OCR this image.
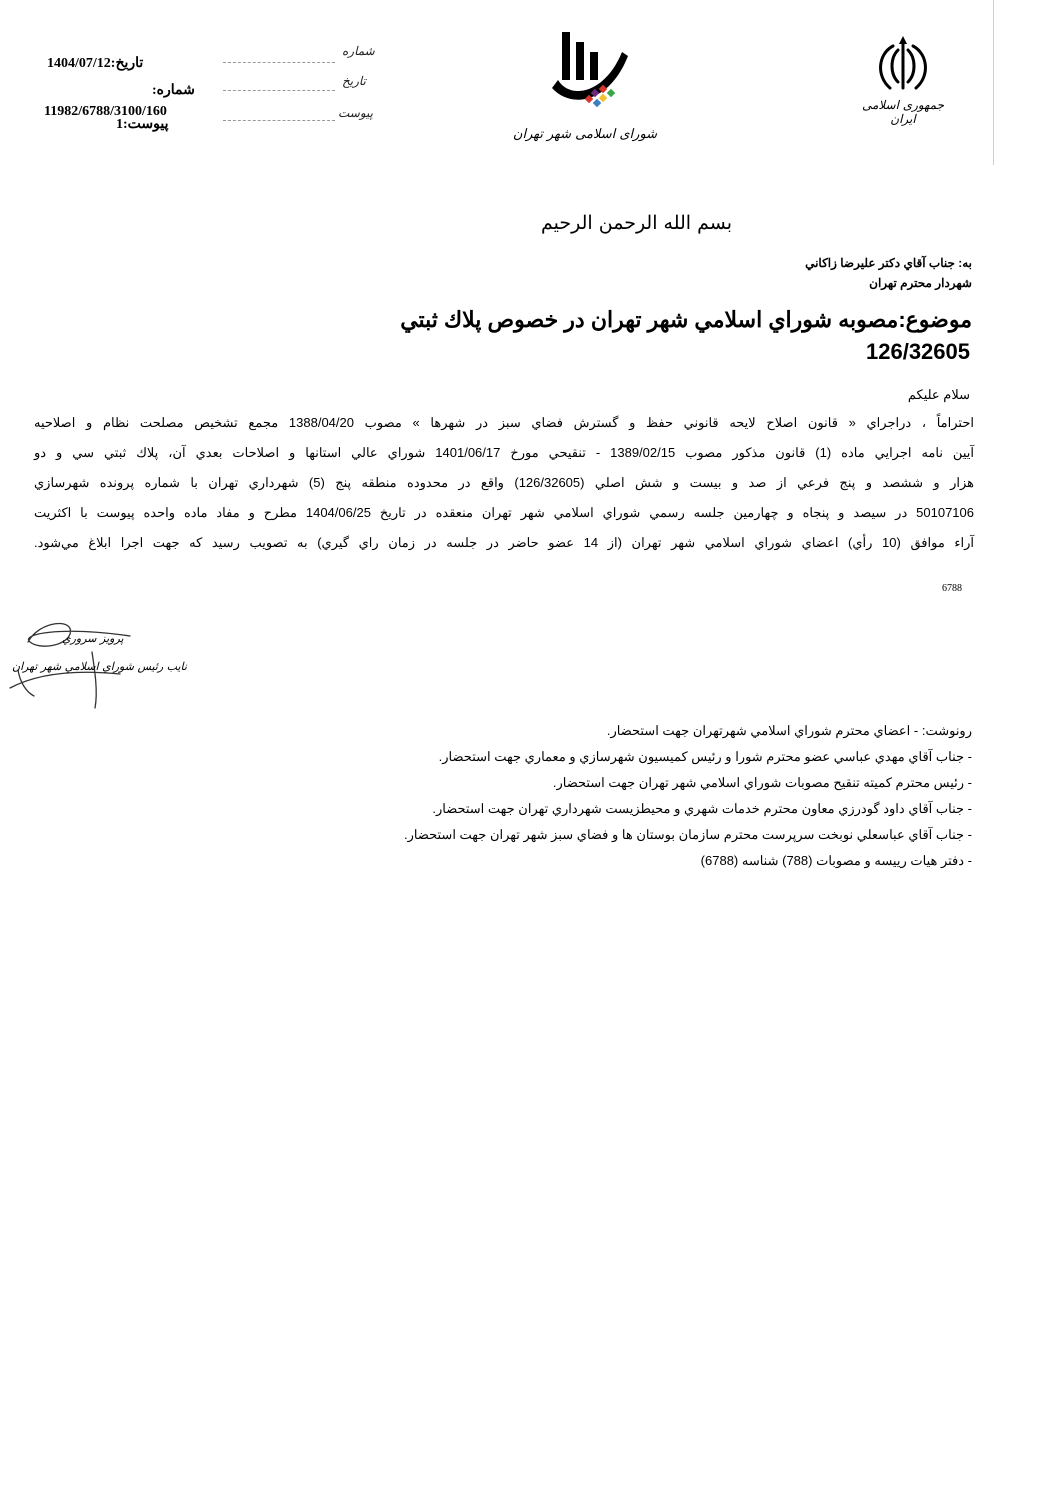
جمهوری اسلامی ایران
شورای اسلامی شهر تهران
شماره
تاریخ
پیوست
1404/07/12:تاريخ
شماره:
11982/6788/3100/160
پيوست:1
بسم الله الرحمن الرحيم
به: جناب آقاي دكتر عليرضا زاكاني
شهردار محترم تهران
موضوع:مصوبه شوراي اسلامي شهر تهران در خصوص پلاك ثبتي
126/32605
سلام عليكم
احتراماً ، دراجراي « قانون اصلاح لايحه قانوني حفظ و گسترش فضاي سبز در شهرها » مصوب 1388/04/20 مجمع تشخيص مصلحت نظام و اصلاحيه
آيين نامه اجرايي ماده (1) قانون مذكور مصوب 1389/02/15 - تنقيحي مورخ 1401/06/17 شوراي عالي استانها و اصلاحات بعدي آن، پلاك ثبتي سي و دو
هزار و ششصد و پنج فرعي از صد و بيست و شش اصلي (126/32605) واقع در محدوده منطقه پنج (5) شهرداري تهران با شماره پرونده شهرسازي
50107106 در سيصد و پنجاه و چهارمين جلسه رسمي شوراي اسلامي شهر تهران منعقده در تاريخ 1404/06/25 مطرح و مفاد ماده واحده پيوست با اكثريت
آراء موافق (10 رأي) اعضاي شوراي اسلامي شهر تهران (از 14 عضو حاضر در جلسه در زمان راي گيري) به تصويب رسيد كه جهت اجرا ابلاغ مي‌شود.
6788
پرويز سروري
نايب رئيس شوراي اسلامي شهر تهران
رونوشت: - اعضاي محترم شوراي اسلامي شهرتهران جهت استحضار.
- جناب آقاي مهدي عباسي عضو محترم شورا و رئيس كميسيون شهرسازي و معماري جهت استحضار.
- رئيس محترم كميته تنقيح مصوبات شوراي اسلامي شهر تهران جهت استحضار.
- جناب آقاي داود گودرزي معاون محترم خدمات شهري و محيطزيست شهرداري تهران جهت استحضار.
- جناب آقاي عباسعلي نوبخت سرپرست محترم سازمان بوستان ها و فضاي سبز شهر تهران جهت استحضار.
- دفتر هيات رييسه و مصوبات (788) شناسه (6788)
